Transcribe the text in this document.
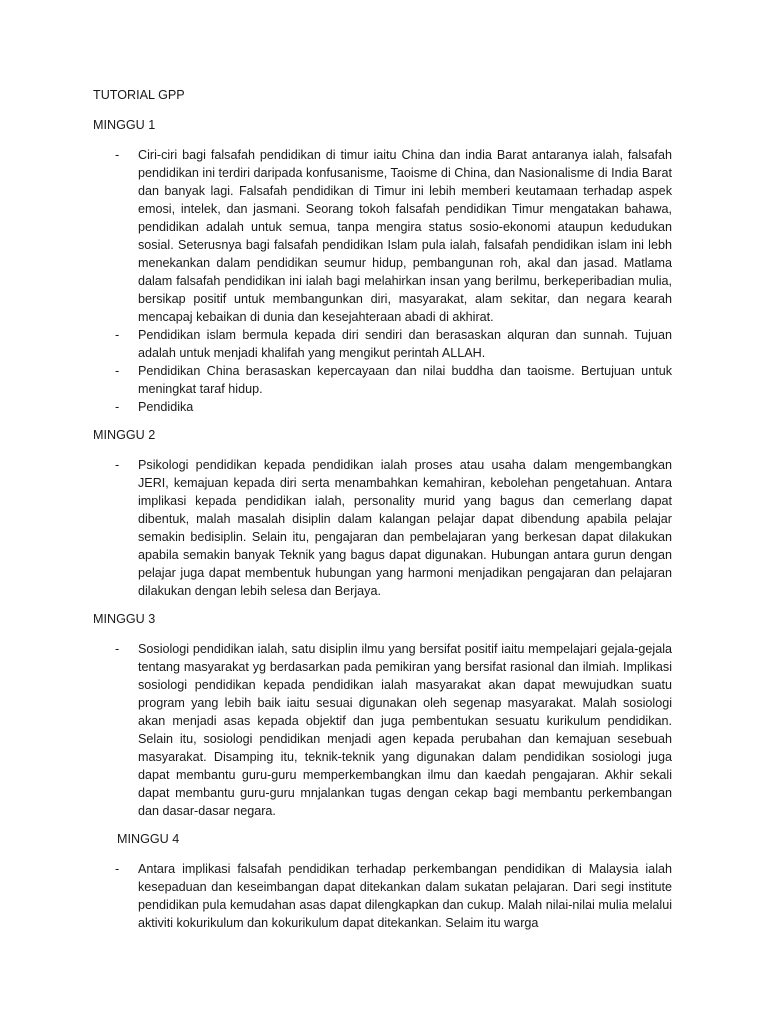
TUTORIAL GPP

MINGGU 1

- Ciri-ciri bagi falsafah pendidikan di timur iaitu China dan india Barat antaranya ialah, falsafah pendidikan ini terdiri daripada konfusanisme, Taoisme di China, dan Nasionalisme di India Barat dan banyak lagi. Falsafah pendidikan di Timur ini lebih memberi keutamaan terhadap aspek emosi, intelek, dan jasmani. Seorang tokoh falsafah pendidikan Timur mengatakan bahawa, pendidikan adalah untuk semua, tanpa mengira status sosio-ekonomi ataupun kedudukan sosial. Seterusnya bagi falsafah pendidikan Islam pula ialah, falsafah pendidikan islam ini lebh menekankan dalam pendidikan seumur hidup, pembangunan roh, akal dan jasad. Matlama dalam falsafah pendidikan ini ialah bagi melahirkan insan yang berilmu, berkeperibadian mulia, bersikap positif untuk membangunkan diri, masyarakat, alam sekitar, dan negara kearah mencapaj kebaikan di dunia dan kesejahteraan abadi di akhirat.
- Pendidikan islam bermula kepada diri sendiri dan berasaskan alquran dan sunnah. Tujuan adalah untuk menjadi khalifah yang mengikut perintah ALLAH.
- Pendidikan China berasaskan kepercayaan dan nilai buddha dan taoisme. Bertujuan untuk meningkat taraf hidup.
- Pendidika

MINGGU 2

- Psikologi pendidikan kepada pendidikan ialah proses atau usaha dalam mengembangkan JERI, kemajuan kepada diri serta menambahkan kemahiran, kebolehan pengetahuan. Antara implikasi kepada pendidikan ialah, personality murid yang bagus dan cemerlang dapat dibentuk, malah masalah disiplin dalam kalangan pelajar dapat dibendung apabila pelajar semakin bedisiplin. Selain itu, pengajaran dan pembelajaran yang berkesan dapat dilakukan apabila semakin banyak Teknik yang bagus dapat digunakan. Hubungan antara gurun dengan pelajar juga dapat membentuk hubungan yang harmoni menjadikan pengajaran dan pelajaran dilakukan dengan lebih selesa dan Berjaya.

MINGGU 3

- Sosiologi pendidikan ialah, satu disiplin ilmu yang bersifat positif iaitu mempelajari gejala-gejala tentang masyarakat yg berdasarkan pada pemikiran yang bersifat rasional dan ilmiah. Implikasi sosiologi pendidikan kepada pendidikan ialah masyarakat akan dapat mewujudkan suatu program yang lebih baik iaitu sesuai digunakan oleh segenap masyarakat. Malah sosiologi akan menjadi asas kepada objektif dan juga pembentukan sesuatu kurikulum pendidikan. Selain itu, sosiologi pendidikan menjadi agen kepada perubahan dan kemajuan sesebuah masyarakat. Disamping itu, teknik-teknik yang digunakan dalam pendidikan sosiologi juga dapat membantu guru-guru memperkembangkan ilmu dan kaedah pengajaran. Akhir sekali dapat membantu guru-guru mnjalankan tugas dengan cekap bagi membantu perkembangan dan dasar-dasar negara.

MINGGU 4

- Antara implikasi falsafah pendidikan terhadap perkembangan pendidikan di Malaysia ialah kesepaduan dan keseimbangan dapat ditekankan dalam sukatan pelajaran. Dari segi institute pendidikan pula kemudahan asas dapat dilengkapkan dan cukup. Malah nilai-nilai mulia melalui aktiviti kokurikulum dan kokurikulum dapat ditekankan. Selaim itu warga
